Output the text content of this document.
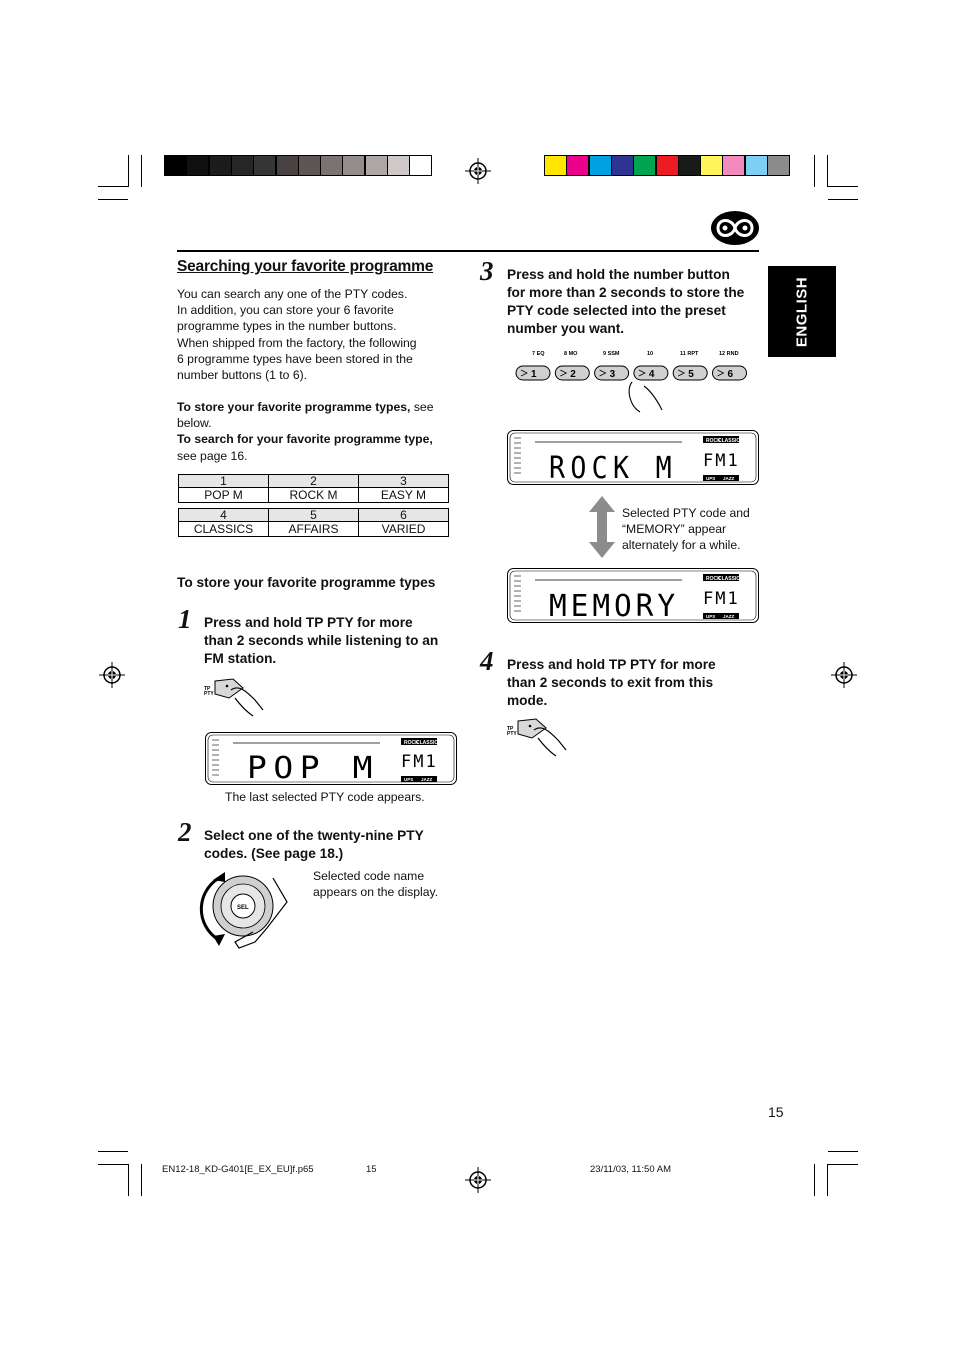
ENGLISH
Searching your favorite programme

You can search any one of the PTY codes.

In addition, you can store your 6 favorite

programme types in the number buttons.

When shipped from the factory, the following

6 programme types have been stored in the

number buttons (1 to 6).

To store your favorite programme types, see

below.

To search for your favorite programme type,

see page 16.

1	2	3
POP M	ROCK M	EASY M
4	5	6
CLASSICS	AFFAIRS	VARIED
To store your favorite programme types
1 Press and hold TP PTY for more
than 2 seconds while listening to an
FM station.
TP
PTY
ROCK
CLASSIC
UPS JAZZ
POP M FM1
The last selected PTY code appears.
2 Select one of the twenty-nine PTY
codes. (See page 18.)
SEL
Selected code name
appears on the display.
3 Press and hold the number button
for more than 2 seconds to store the
PTY code selected into the preset
number you want.
7 EQ	8 MO	9 SSM	10	11 RPT	12 RND
1	2	3	4	5	6
ROCK
CLASSIC
UPS JAZZ
ROCK M FM1
Selected PTY code and
“MEMORY” appear
alternately for a while.
ROCK
CLASSIC
UPS JAZZ
MEMORY FM1
4 Press and hold TP PTY for more
than 2 seconds to exit from this
mode.
TP
PTY
15
EN12-18_KD-G401[E_EX_EU]f.p65	15	23/11/03, 11:50 AM
